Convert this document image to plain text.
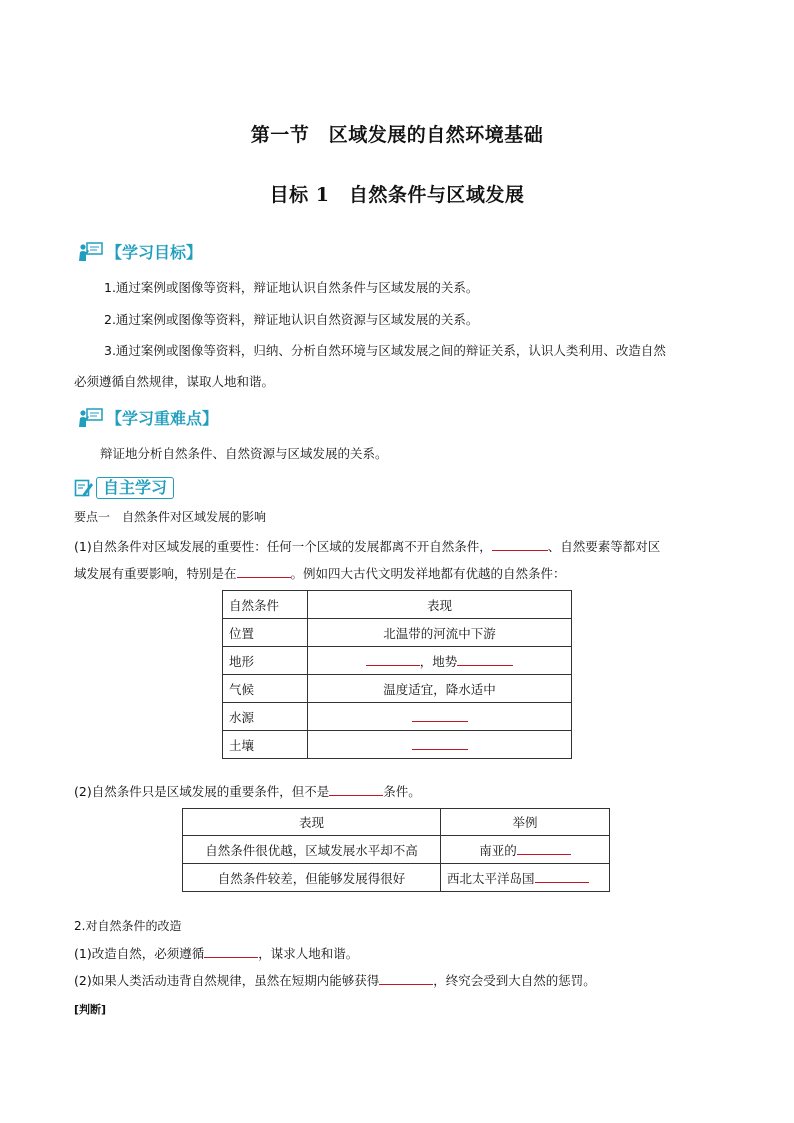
第一节　区域发展的自然环境基础
目标 1　自然条件与区域发展
【学习目标】
1.通过案例或图像等资料，辩证地认识自然条件与区域发展的关系。
2.通过案例或图像等资料，辩证地认识自然资源与区域发展的关系。
3.通过案例或图像等资料，归纳、分析自然环境与区域发展之间的辩证关系，认识人类利用、改造自然
必须遵循自然规律，谋取人地和谐。
【学习重难点】
辩证地分析自然条件、自然资源与区域发展的关系。
自主学习
要点一　自然条件对区域发展的影响
(1)自然条件对区域发展的重要性：任何一个区域的发展都离不开自然条件，	、自然要素等都对区
域发展有重要影响，特别是在	。例如四大古代文明发祥地都有优越的自然条件：
自然条件	表现
位置	北温带的河流中下游
地形	，地势
气候	温度适宜，降水适中
水源	
土壤	
(2)自然条件只是区域发展的重要条件，但不是	条件。
表现	举例
自然条件很优越，区域发展水平却不高	南亚的
自然条件较差，但能够发展得很好	西北太平洋岛国
2.对自然条件的改造
(1)改造自然，必须遵循	，谋求人地和谐。
(2)如果人类活动违背自然规律，虽然在短期内能够获得	，终究会受到大自然的惩罚。
[判断]
